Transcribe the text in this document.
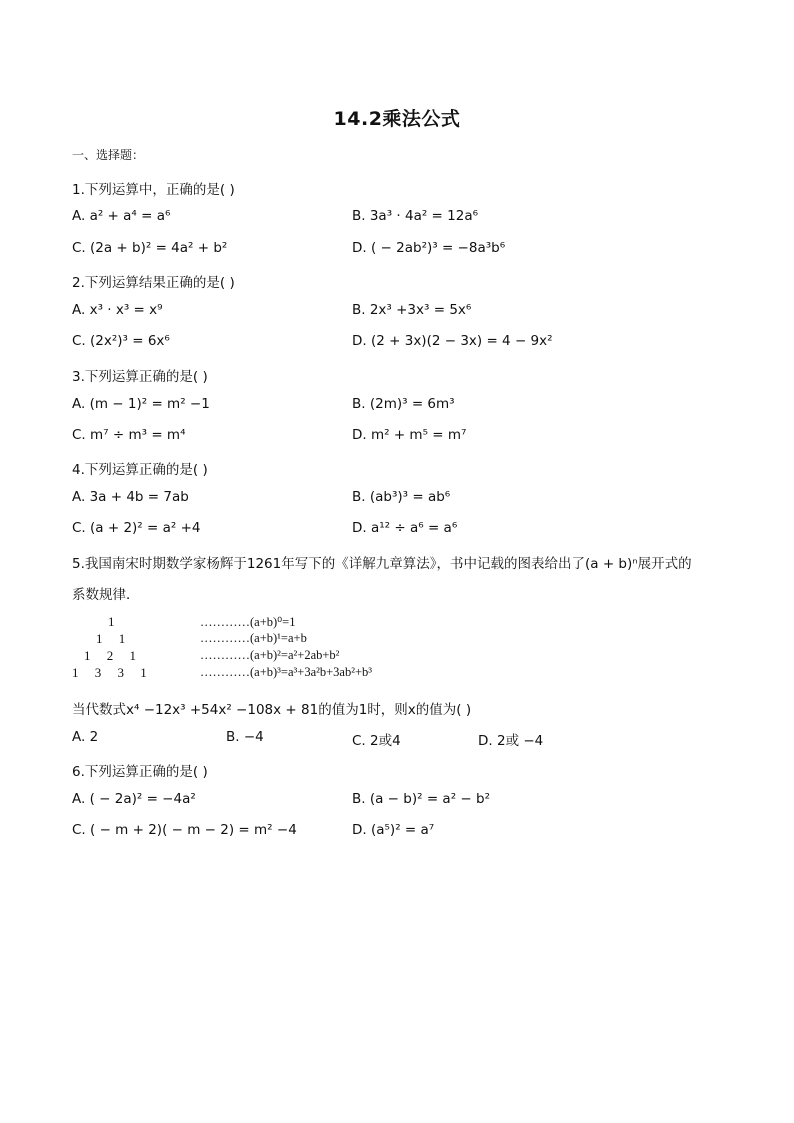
14.2乘法公式
一、选择题：
1.下列运算中，正确的是( )
A. a² + a⁴ = a⁶	B. 3a³ · 4a² = 12a⁶
C. (2a + b)² = 4a² + b²	D. ( − 2ab²)³ = −8a³b⁶
2.下列运算结果正确的是( )
A. x³ · x³ = x⁹	B. 2x³ +3x³ = 5x⁶
C. (2x²)³ = 6x⁶	D. (2 + 3x)(2 − 3x) = 4 − 9x²
3.下列运算正确的是( )
A. (m − 1)² = m² −1	B. (2m)³ = 6m³
C. m⁷ ÷ m³ = m⁴	D. m² + m⁵ = m⁷
4.下列运算正确的是( )
A. 3a + 4b = 7ab	B. (ab³)³ = ab⁶
C. (a + 2)² = a² +4	D. a¹² ÷ a⁶ = a⁶
5.我国南宋时期数学家杨辉于1261年写下的《详解九章算法》，书中记载的图表给出了(a + b)ⁿ展开式的
系数规律．
1
1     1
1     2     1
1     3     3     1
…………(a+b)⁰=1
…………(a+b)¹=a+b
…………(a+b)²=a²+2ab+b²
…………(a+b)³=a³+3a²b+3ab²+b³
当代数式x⁴ −12x³ +54x² −108x + 81的值为1时，则x的值为( )
A. 2	B. −4	C. 2或4	D. 2或 −4
6.下列运算正确的是( )
A. ( − 2a)² = −4a²	B. (a − b)² = a² − b²
C. ( − m + 2)( − m − 2) = m² −4	D. (a⁵)² = a⁷
